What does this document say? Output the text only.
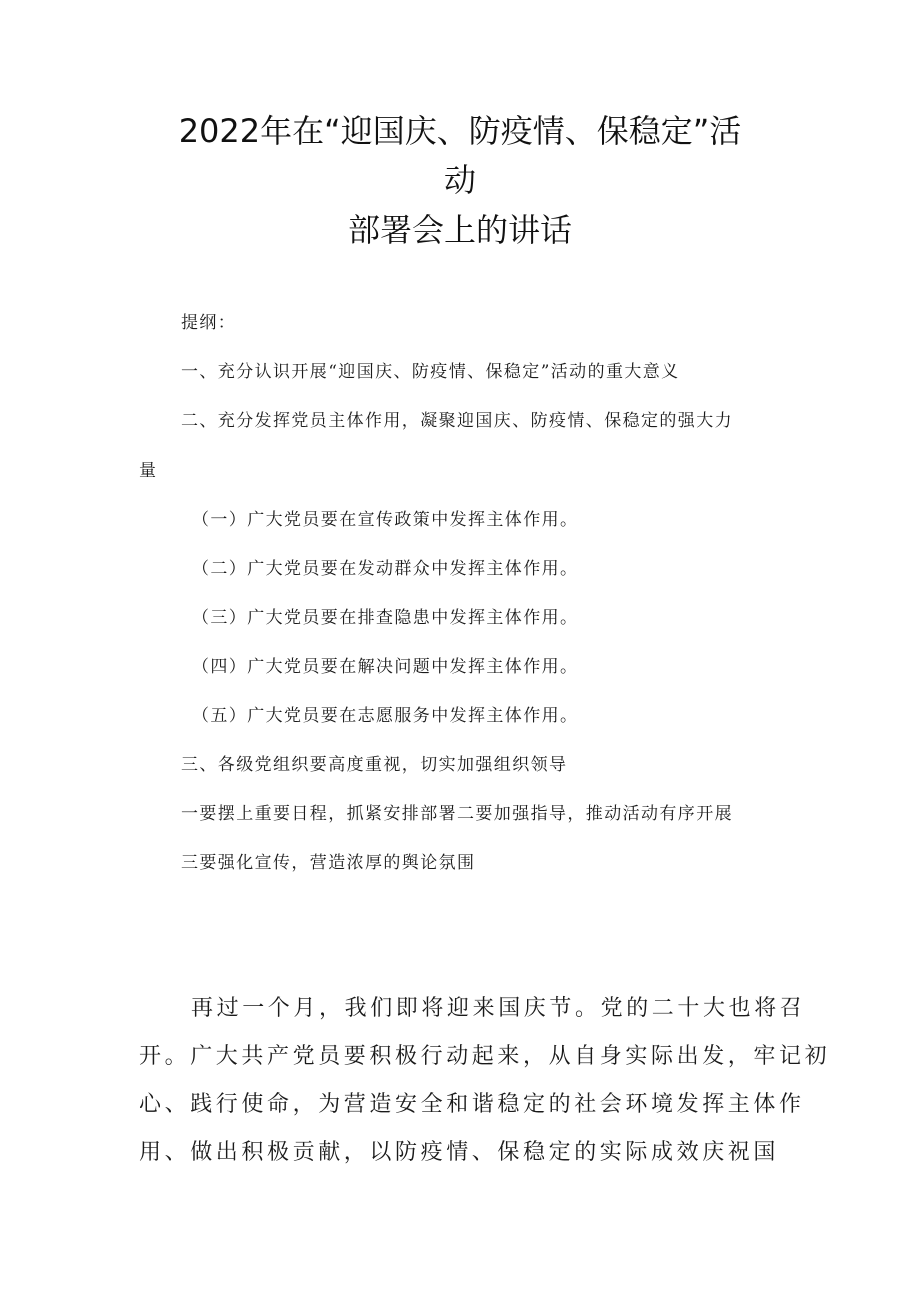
2022年在“迎国庆、防疫情、保稳定”活
动
部署会上的讲话
提纲：
一、充分认识开展“迎国庆、防疫情、保稳定”活动的重大意义
二、充分发挥党员主体作用，凝聚迎国庆、防疫情、保稳定的强大力
量
（一）广大党员要在宣传政策中发挥主体作用。
（二）广大党员要在发动群众中发挥主体作用。
（三）广大党员要在排查隐患中发挥主体作用。
（四）广大党员要在解决问题中发挥主体作用。
（五）广大党员要在志愿服务中发挥主体作用。
三、各级党组织要高度重视，切实加强组织领导
一要摆上重要日程，抓紧安排部署二要加强指导，推动活动有序开展
三要强化宣传，营造浓厚的舆论氛围
再过一个月，我们即将迎来国庆节。党的二十大也将召
开。广大共产党员要积极行动起来，从自身实际出发，牢记初
心、践行使命，为营造安全和谐稳定的社会环境发挥主体作
用、做出积极贡献，以防疫情、保稳定的实际成效庆祝国
